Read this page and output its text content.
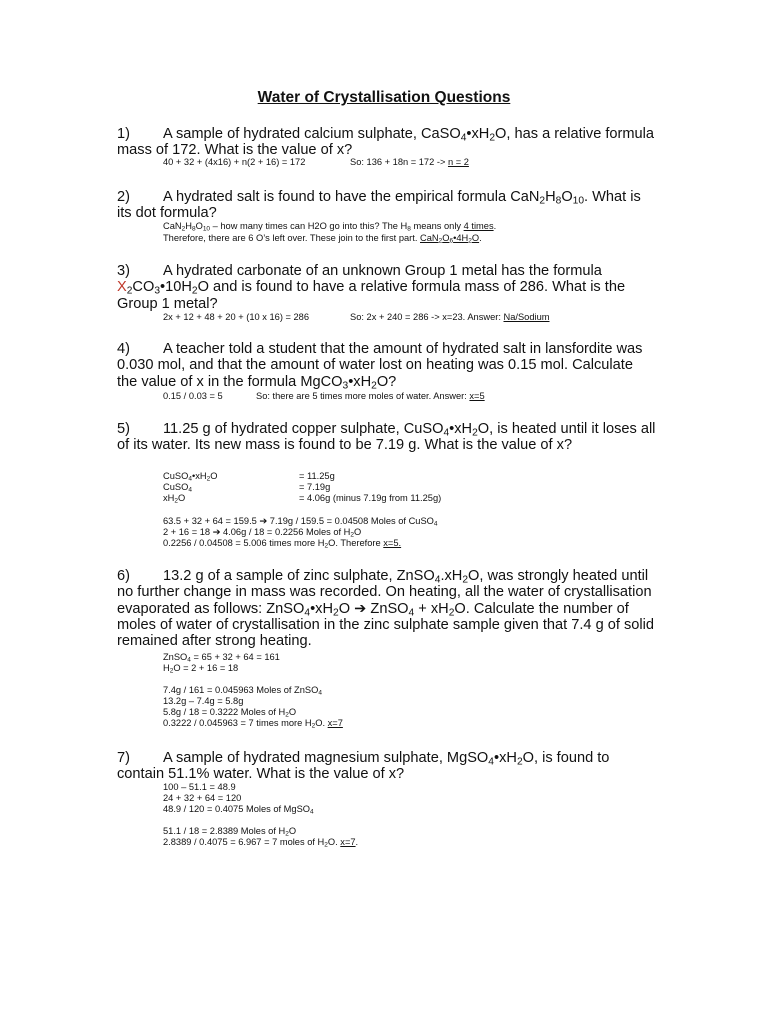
Water of Crystallisation Questions
1) A sample of hydrated calcium sulphate, $CaSO_4•xH_2O$, has a relative formula mass of 172. What is the value of x?
40 + 32 + (4x16) + n(2 + 16) = 172	So: 136 + 18n = 172 -> n = 2
2) A hydrated salt is found to have the empirical formula $CaN_2H_8O_{10}$. What is its dot formula?
$CaN_2H_8O_{10}$ – how many times can H2O go into this? The $H_8$ means only 4 times.
Therefore, there are 6 O’s left over. These join to the first part. $CaN_2O_6•4H_2O$.
3) A hydrated carbonate of an unknown Group 1 metal has the formula $X_2CO_3•10H_2O$ and is found to have a relative formula mass of 286. What is the Group 1 metal?
2x + 12 + 48 + 20 + (10 x 16) = 286	So: 2x + 240 = 286 -> x=23. Answer: Na/Sodium
4) A teacher told a student that the amount of hydrated salt in lansfordite was 0.030 mol, and that the amount of water lost on heating was 0.15 mol. Calculate the value of x in the formula $MgCO_3•xH_2O$?
0.15 / 0.03 = 5	So: there are 5 times more moles of water. Answer: x=5
5) 11.25 g of hydrated copper sulphate, $CuSO_4•xH_2O$, is heated until it loses all of its water. Its new mass is found to be 7.19 g. What is the value of x?
$CuSO_4•xH_2O$	= 11.25g
CuSO$_4$	= 7.19g
$xH_2O$	= 4.06g (minus 7.19g from 11.25g)
63.5 + 32 + 64 = 159.5 ➔ 7.19g / 159.5 = 0.04508 Moles of CuSO$_4$
2 + 16 = 18 ➔ 4.06g / 18 = 0.2256 Moles of $H_2O$
0.2256 / 0.04508 = 5.006 times more $H_2O$. Therefore x=5.
6) 13.2 g of a sample of zinc sulphate, $ZnSO_4.xH_2O$, was strongly heated until no further change in mass was recorded. On heating, all the water of crystallisation evaporated as follows: $ZnSO_4•xH_2O$ ➔ ZnSO$_4$ + $xH_2O$. Calculate the number of moles of water of crystallisation in the zinc sulphate sample given that 7.4 g of solid remained after strong heating.
ZnSO$_4$ = 65 + 32 + 64 = 161
$H_2O = 2 + 16 = 18$
7.4g / 161 = 0.045963 Moles of ZnSO$_4$
13.2g – 7.4g = 5.8g
5.8g / 18 = 0.3222 Moles of $H_2O$
0.3222 / 0.045963 = 7 times more $H_2O$. x=7
7) A sample of hydrated magnesium sulphate, $MgSO_4•xH_2O$, is found to contain 51.1% water. What is the value of x?
100 – 51.1 = 48.9
24 + 32 + 64 = 120
48.9 / 120 = 0.4075 Moles of MgSO$_4$
51.1 / 18 = 2.8389 Moles of $H_2O$
2.8389 / 0.4075 = 6.967 = 7 moles of $H_2O$. x=7.
